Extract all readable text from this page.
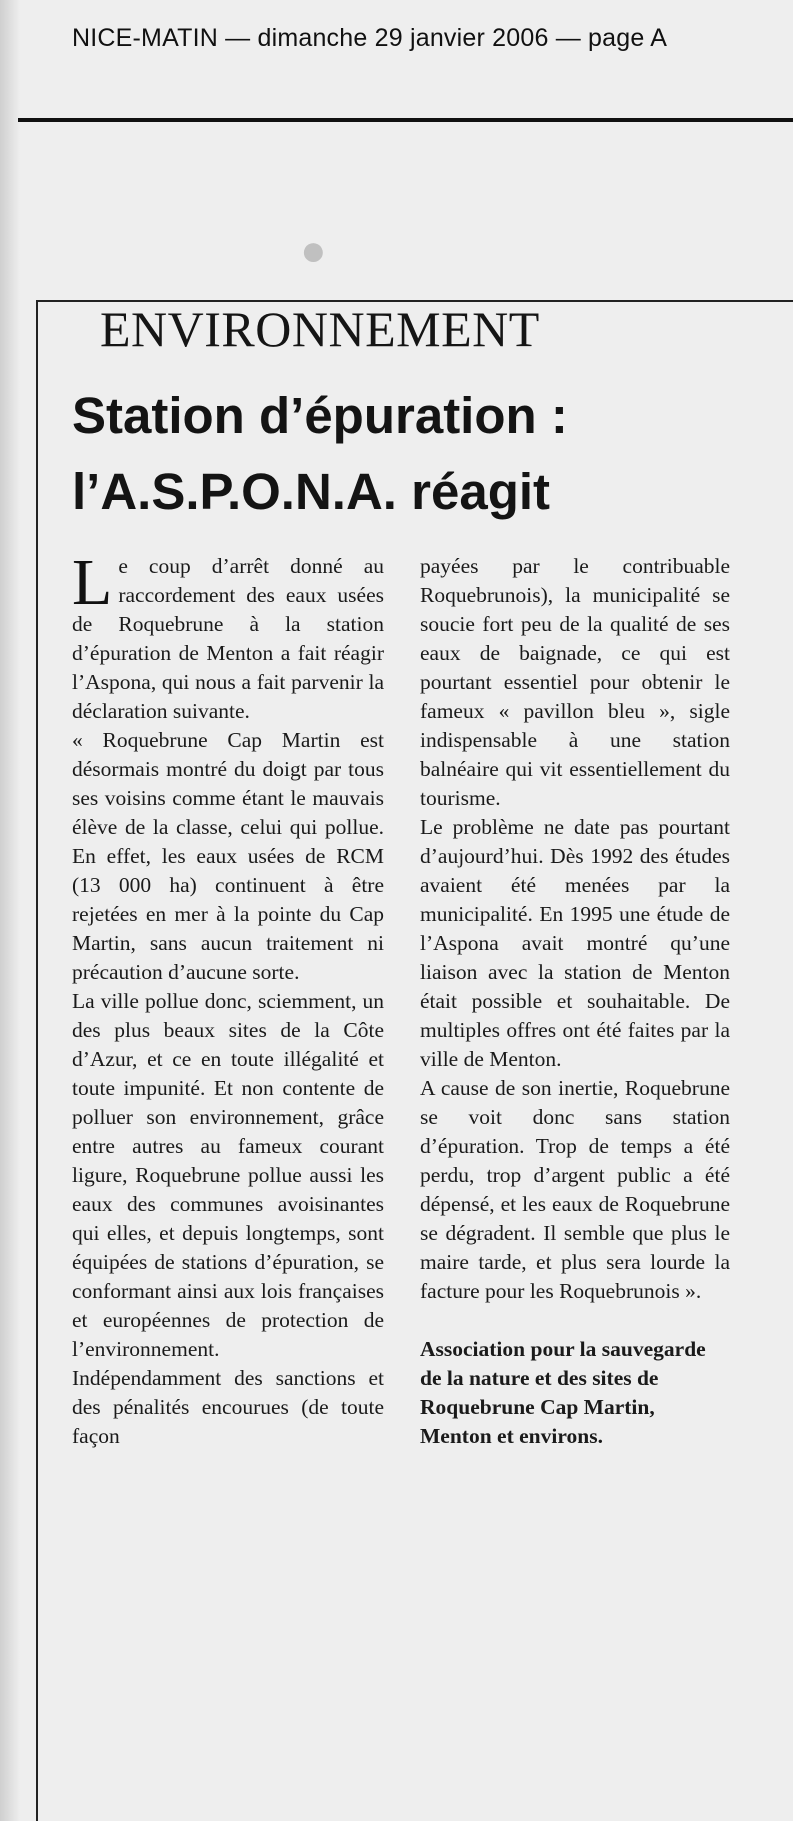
NICE-MATIN — dimanche 29 janvier 2006 — page A
●
ENVIRONNEMENT
Station d’épuration : l’A.S.P.O.N.A. réagit

Le coup d’arrêt donné au raccordement des eaux usées de Roquebrune à la station d’épuration de Menton a fait réagir l’Aspona, qui nous a fait parvenir la déclaration suivante.

« Roquebrune Cap Martin est désormais montré du doigt par tous ses voisins comme étant le mauvais élève de la classe, celui qui pollue. En effet, les eaux usées de RCM (13 000 ha) continuent à être rejetées en mer à la pointe du Cap Martin, sans aucun traitement ni précaution d’aucune sorte.

La ville pollue donc, sciemment, un des plus beaux sites de la Côte d’Azur, et ce en toute illégalité et toute impunité. Et non contente de polluer son environnement, grâce entre autres au fameux courant ligure, Roquebrune pollue aussi les eaux des communes avoisinantes qui elles, et depuis longtemps, sont équipées de stations d’épuration, se conformant ainsi aux lois françaises et européennes de protection de l’environnement.

Indépendamment des sanctions et des pénalités encourues (de toute façon

payées par le contribuable Roquebrunois), la municipalité se soucie fort peu de la qualité de ses eaux de baignade, ce qui est pourtant essentiel pour obtenir le fameux « pavillon bleu », sigle indispensable à une station balnéaire qui vit essentiellement du tourisme.

Le problème ne date pas pourtant d’aujourd’hui. Dès 1992 des études avaient été menées par la municipalité. En 1995 une étude de l’Aspona avait montré qu’une liaison avec la station de Menton était possible et souhaitable. De multiples offres ont été faites par la ville de Menton.

A cause de son inertie, Roquebrune se voit donc sans station d’épuration. Trop de temps a été perdu, trop d’argent public a été dépensé, et les eaux de Roquebrune se dégradent. Il semble que plus le maire tarde, et plus sera lourde la facture pour les Roquebrunois ».

Association pour la sauvegarde de la nature et des sites de Roquebrune Cap Martin, Menton et environs.
